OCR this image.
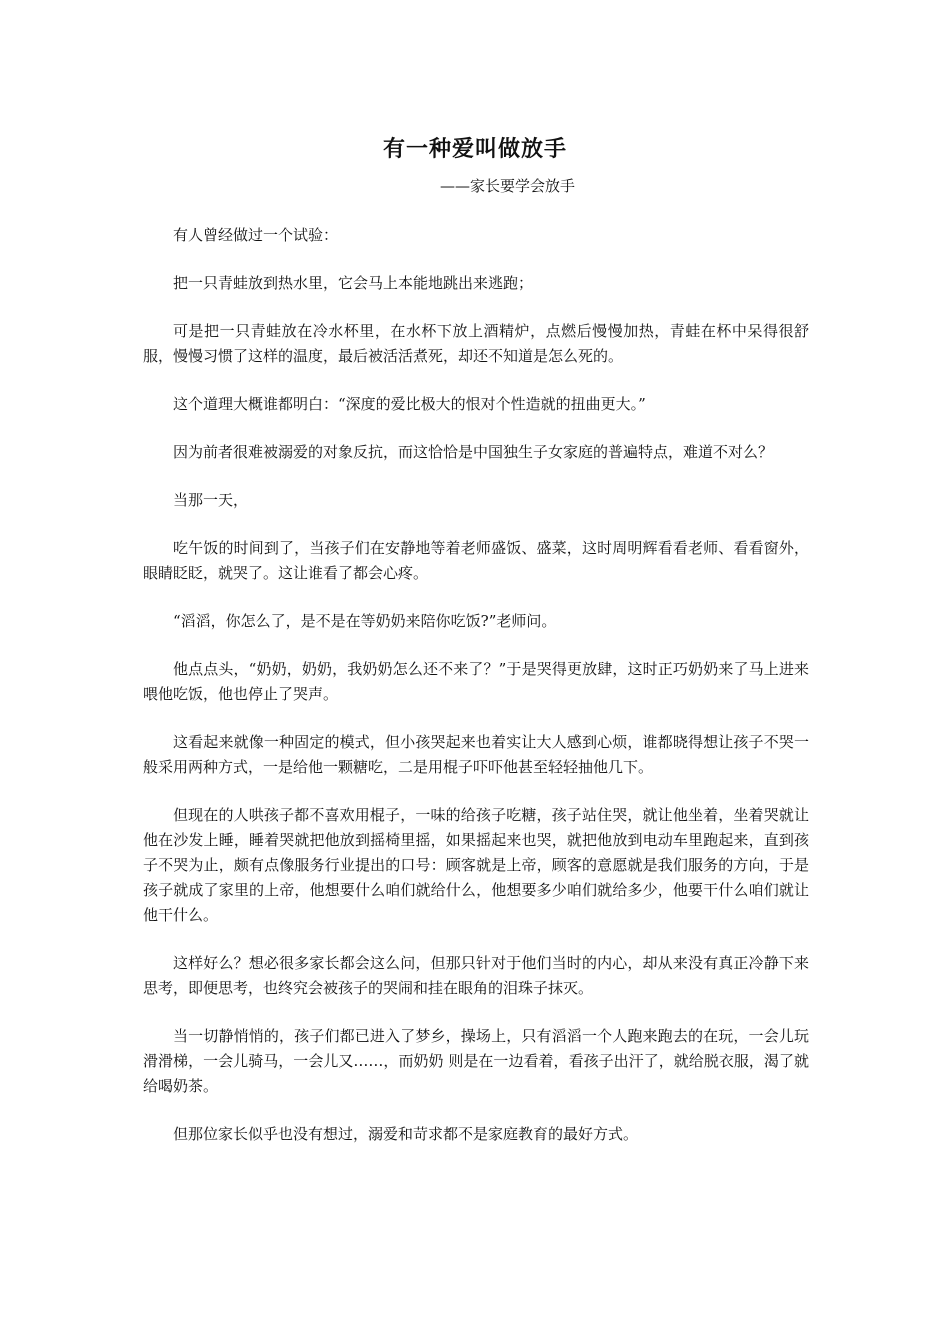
有一种爱叫做放手
——家长要学会放手

有人曾经做过一个试验：

把一只青蛙放到热水里，它会马上本能地跳出来逃跑；

可是把一只青蛙放在冷水杯里，在水杯下放上酒精炉，点燃后慢慢加热，青蛙在杯中呆得很舒服，慢慢习惯了这样的温度，最后被活活煮死，却还不知道是怎么死的。

这个道理大概谁都明白：“深度的爱比极大的恨对个性造就的扭曲更大。”

因为前者很难被溺爱的对象反抗，而这恰恰是中国独生子女家庭的普遍特点，难道不对么？

当那一天，

吃午饭的时间到了，当孩子们在安静地等着老师盛饭、盛菜，这时周明辉看看老师、看看窗外，眼睛眨眨，就哭了。这让谁看了都会心疼。

“滔滔，你怎么了，是不是在等奶奶来陪你吃饭?”老师问。

他点点头，“奶奶，奶奶，我奶奶怎么还不来了？”于是哭得更放肆，这时正巧奶奶来了马上进来喂他吃饭，他也停止了哭声。

这看起来就像一种固定的模式，但小孩哭起来也着实让大人感到心烦，谁都晓得想让孩子不哭一般采用两种方式，一是给他一颗糖吃，二是用棍子吓吓他甚至轻轻抽他几下。

但现在的人哄孩子都不喜欢用棍子，一味的给孩子吃糖，孩子站住哭，就让他坐着，坐着哭就让他在沙发上睡，睡着哭就把他放到摇椅里摇，如果摇起来也哭，就把他放到电动车里跑起来，直到孩子不哭为止，颇有点像服务行业提出的口号：顾客就是上帝，顾客的意愿就是我们服务的方向，于是孩子就成了家里的上帝，他想要什么咱们就给什么，他想要多少咱们就给多少，他要干什么咱们就让他干什么。

这样好么？想必很多家长都会这么问，但那只针对于他们当时的内心，却从来没有真正冷静下来思考，即便思考，也终究会被孩子的哭闹和挂在眼角的泪珠子抹灭。

当一切静悄悄的，孩子们都已进入了梦乡，操场上，只有滔滔一个人跑来跑去的在玩，一会儿玩滑滑梯，一会儿骑马，一会儿又……，而奶奶 则是在一边看着，看孩子出汗了，就给脱衣服，渴了就给喝奶茶。

但那位家长似乎也没有想过，溺爱和苛求都不是家庭教育的最好方式。
